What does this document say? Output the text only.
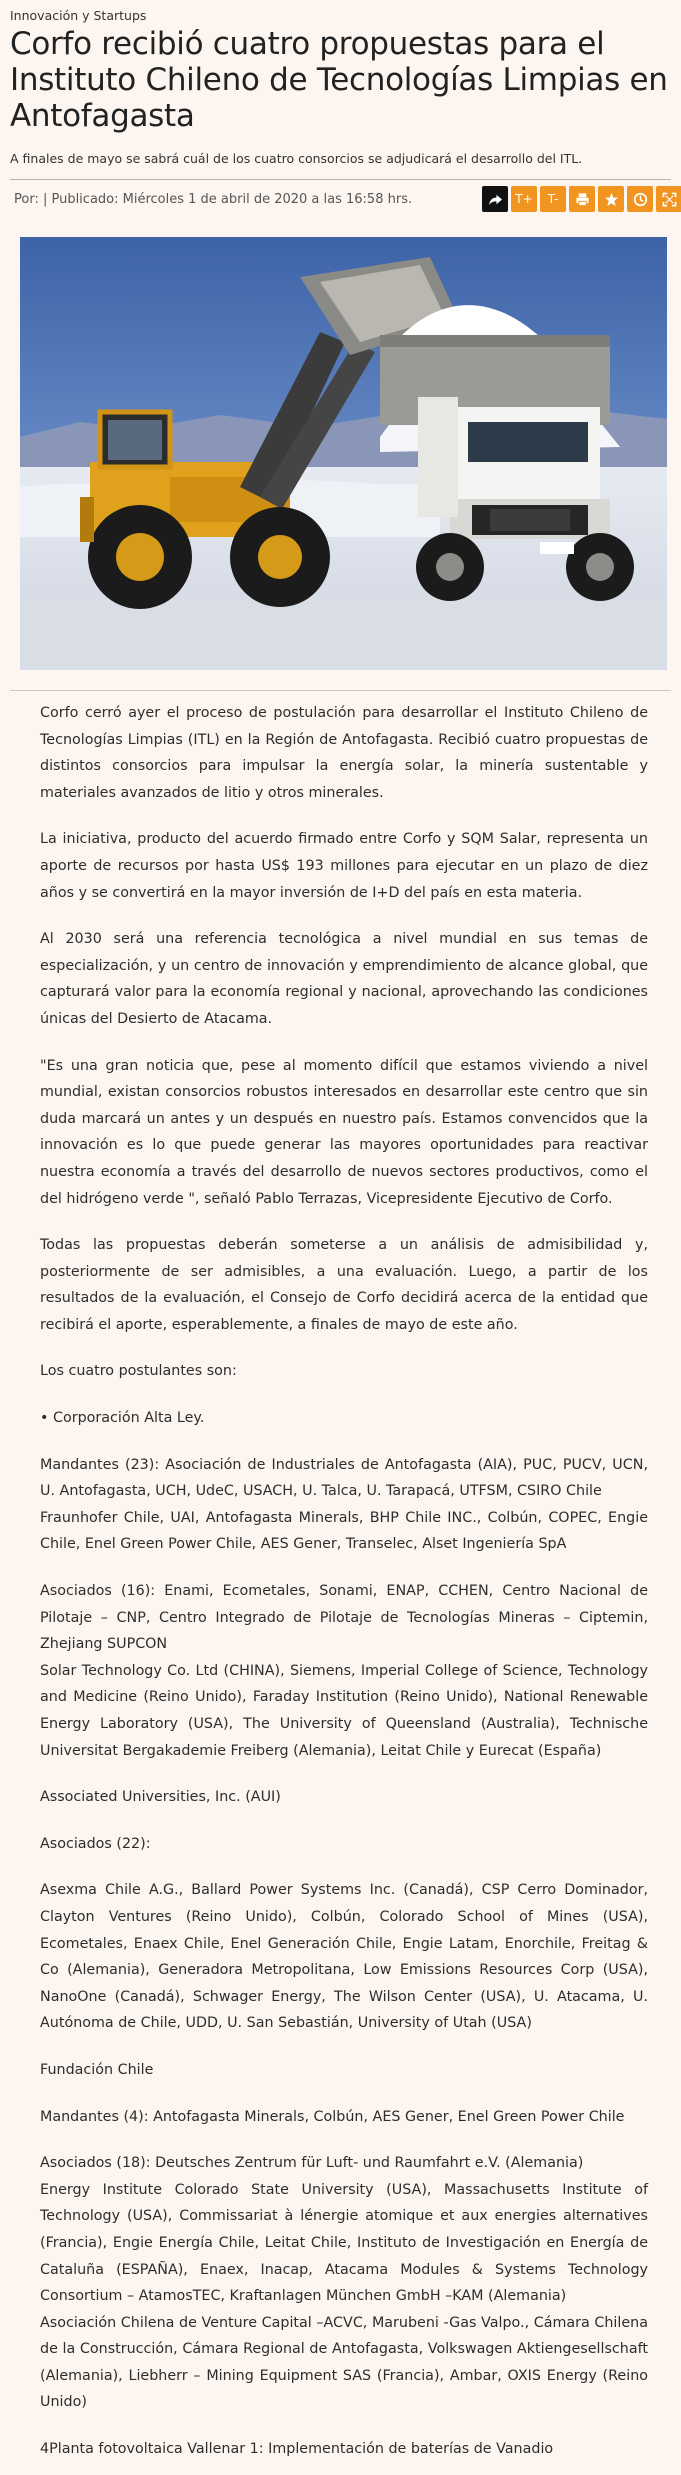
Innovación y Startups
Corfo recibió cuatro propuestas para el Instituto Chileno de Tecnologías Limpias en Antofagasta
A finales de mayo se sabrá cuál de los cuatro consorcios se adjudicará el desarrollo del ITL.
Por: | Publicado: Miércoles 1 de abril de 2020 a las 16:58 hrs.	T+	T-

Corfo cerró ayer el proceso de postulación para desarrollar el Instituto Chileno de Tecnologías Limpias (ITL) en la Región de Antofagasta. Recibió cuatro propuestas de distintos consorcios para impulsar la energía solar, la minería sustentable y materiales avanzados de litio y otros minerales.

La iniciativa, producto del acuerdo firmado entre Corfo y SQM Salar, representa un aporte de recursos por hasta US$ 193 millones para ejecutar en un plazo de diez años y se convertirá en la mayor inversión de I+D del país en esta materia.

Al 2030 será una referencia tecnológica a nivel mundial en sus temas de especialización, y un centro de innovación y emprendimiento de alcance global, que capturará valor para la economía regional y nacional, aprovechando las condiciones únicas del Desierto de Atacama.

"Es una gran noticia que, pese al momento difícil que estamos viviendo a nivel mundial, existan consorcios robustos interesados en desarrollar este centro que sin duda marcará un antes y un después en nuestro país. Estamos convencidos que la innovación es lo que puede generar las mayores oportunidades para reactivar nuestra economía a través del desarrollo de nuevos sectores productivos, como el del hidrógeno verde ", señaló Pablo Terrazas, Vicepresidente Ejecutivo de Corfo.

Todas las propuestas deberán someterse a un análisis de admisibilidad y, posteriormente de ser admisibles, a una evaluación. Luego, a partir de los resultados de la evaluación, el Consejo de Corfo decidirá acerca de la entidad que recibirá el aporte, esperablemente, a finales de mayo de este año.

Los cuatro postulantes son:

• Corporación Alta Ley.

Mandantes (23): Asociación de Industriales de Antofagasta (AIA), PUC, PUCV, UCN, U. Antofagasta, UCH, UdeC, USACH, U. Talca, U. Tarapacá, UTFSM, CSIRO Chile

Fraunhofer Chile, UAI, Antofagasta Minerals, BHP Chile INC., Colbún, COPEC, Engie Chile, Enel Green Power Chile, AES Gener, Transelec, Alset Ingeniería SpA

Asociados (16): Enami, Ecometales, Sonami, ENAP, CCHEN, Centro Nacional de Pilotaje – CNP, Centro Integrado de Pilotaje de Tecnologías Mineras – Ciptemin, Zhejiang SUPCON

Solar Technology Co. Ltd (CHINA), Siemens, Imperial College of Science, Technology and Medicine (Reino Unido), Faraday Institution (Reino Unido), National Renewable Energy Laboratory (USA), The University of Queensland (Australia), Technische Universitat Bergakademie Freiberg (Alemania), Leitat Chile y Eurecat (España)

Associated Universities, Inc. (AUI)

Asociados (22):

Asexma Chile A.G., Ballard Power Systems Inc. (Canadá), CSP Cerro Dominador, Clayton Ventures (Reino Unido), Colbún, Colorado School of Mines (USA), Ecometales, Enaex Chile, Enel Generación Chile, Engie Latam, Enorchile, Freitag & Co (Alemania), Generadora Metropolitana, Low Emissions Resources Corp (USA), NanoOne (Canadá), Schwager Energy, The Wilson Center (USA), U. Atacama, U. Autónoma de Chile, UDD, U. San Sebastián, University of Utah (USA)

Fundación Chile

Mandantes (4): Antofagasta Minerals, Colbún, AES Gener, Enel Green Power Chile

Asociados (18): Deutsches Zentrum für Luft- und Raumfahrt e.V. (Alemania)

Energy Institute Colorado State University (USA), Massachusetts Institute of Technology (USA), Commissariat à lénergie atomique et aux energies alternatives (Francia), Engie Energía Chile, Leitat Chile, Instituto de Investigación en Energía de Cataluña (ESPAÑA), Enaex, Inacap, Atacama Modules & Systems Technology Consortium – AtamosTEC, Kraftanlagen München GmbH –KAM (Alemania)

Asociación Chilena de Venture Capital –ACVC, Marubeni -Gas Valpo., Cámara Chilena de la Construcción, Cámara Regional de Antofagasta, Volkswagen Aktiengesellschaft (Alemania), Liebherr – Mining Equipment SAS (Francia), Ambar, OXIS Energy (Reino Unido)

4Planta fotovoltaica Vallenar 1: Implementación de baterías de Vanadio
